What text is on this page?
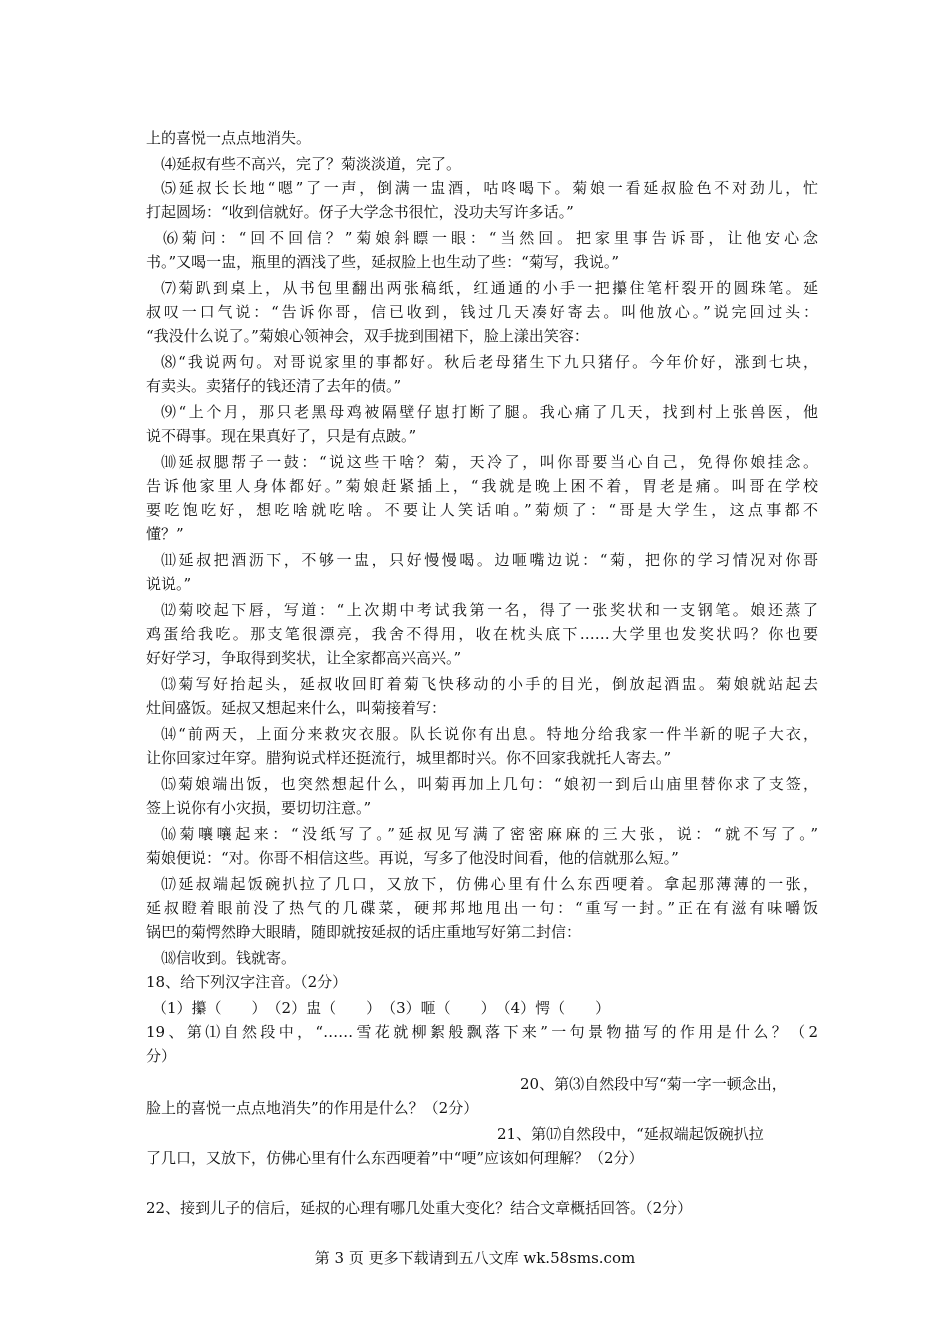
上的喜悦一点点地消失。
⑷延叔有些不高兴，完了？菊淡淡道，完了。
⑸延叔长长地“嗯”了一声，倒满一盅酒，咕咚喝下。菊娘一看延叔脸色不对劲儿，忙
打起圆场：“收到信就好。伢子大学念书很忙，没功夫写许多话。”
⑹菊问：“回不回信？”菊娘斜瞟一眼：“当然回。把家里事告诉哥，让他安心念
书。”又喝一盅，瓶里的酒浅了些，延叔脸上也生动了些：“菊写，我说。”
⑺菊趴到桌上，从书包里翻出两张稿纸，红通通的小手一把攥住笔杆裂开的圆珠笔。延
叔叹一口气说：“告诉你哥，信已收到，钱过几天凑好寄去。叫他放心。”说完回过头：
“我没什么说了。”菊娘心领神会，双手拢到围裙下，脸上漾出笑容：
⑻“我说两句。对哥说家里的事都好。秋后老母猪生下九只猪仔。今年价好，涨到七块，
有卖头。卖猪仔的钱还清了去年的债。”
⑼“上个月，那只老黑母鸡被隔壁仔崽打断了腿。我心痛了几天，找到村上张兽医，他
说不碍事。现在果真好了，只是有点跛。”
⑽延叔腮帮子一鼓：“说这些干啥？菊，天冷了，叫你哥要当心自己，免得你娘挂念。
告诉他家里人身体都好。”菊娘赶紧插上，“我就是晚上困不着，胃老是痛。叫哥在学校
要吃饱吃好，想吃啥就吃啥。不要让人笑话咱。”菊烦了：“哥是大学生，这点事都不
懂？”
⑾延叔把酒沥下，不够一盅，只好慢慢喝。边咂嘴边说：“菊，把你的学习情况对你哥
说说。”
⑿菊咬起下唇，写道：“上次期中考试我第一名，得了一张奖状和一支钢笔。娘还蒸了
鸡蛋给我吃。那支笔很漂亮，我舍不得用，收在枕头底下……大学里也发奖状吗？你也要
好好学习，争取得到奖状，让全家都高兴高兴。”
⒀菊写好抬起头，延叔收回盯着菊飞快移动的小手的目光，倒放起酒盅。菊娘就站起去
灶间盛饭。延叔又想起来什么，叫菊接着写：
⒁“前两天，上面分来救灾衣服。队长说你有出息。特地分给我家一件半新的呢子大衣，
让你回家过年穿。腊狗说式样还挺流行，城里都时兴。你不回家我就托人寄去。”
⒂菊娘端出饭，也突然想起什么，叫菊再加上几句：“娘初一到后山庙里替你求了支签，
签上说你有小灾损，要切切注意。”
⒃菊嚷嚷起来：“没纸写了。”延叔见写满了密密麻麻的三大张，说：“就不写了。”
菊娘便说：“对。你哥不相信这些。再说，写多了他没时间看，他的信就那么短。”
⒄延叔端起饭碗扒拉了几口，又放下，仿佛心里有什么东西哽着。拿起那薄薄的一张，
延叔瞪着眼前没了热气的几碟菜，硬邦邦地甩出一句：“重写一封。”正在有滋有味嚼饭
锅巴的菊愕然睁大眼睛，随即就按延叔的话庄重地写好第二封信：
⒅信收到。钱就寄。
18、给下列汉字注音。（2分）
（1）攥（　　）　（2）盅（　　）　（3）咂（　　）　（4）愕（　　）
19、第⑴自然段中，“……雪花就柳絮般飘落下来”一句景物描写的作用是什么？（2
分）
20、第⑶自然段中写“菊一字一顿念出，
脸上的喜悦一点点地消失”的作用是什么？（2分）
21、第⒄自然段中，“延叔端起饭碗扒拉
了几口，又放下，仿佛心里有什么东西哽着”中“哽”应该如何理解？（2分）
22、接到儿子的信后，延叔的心理有哪几处重大变化？结合文章概括回答。（2分）
第 3 页 更多下载请到五八文库 wk.58sms.com
